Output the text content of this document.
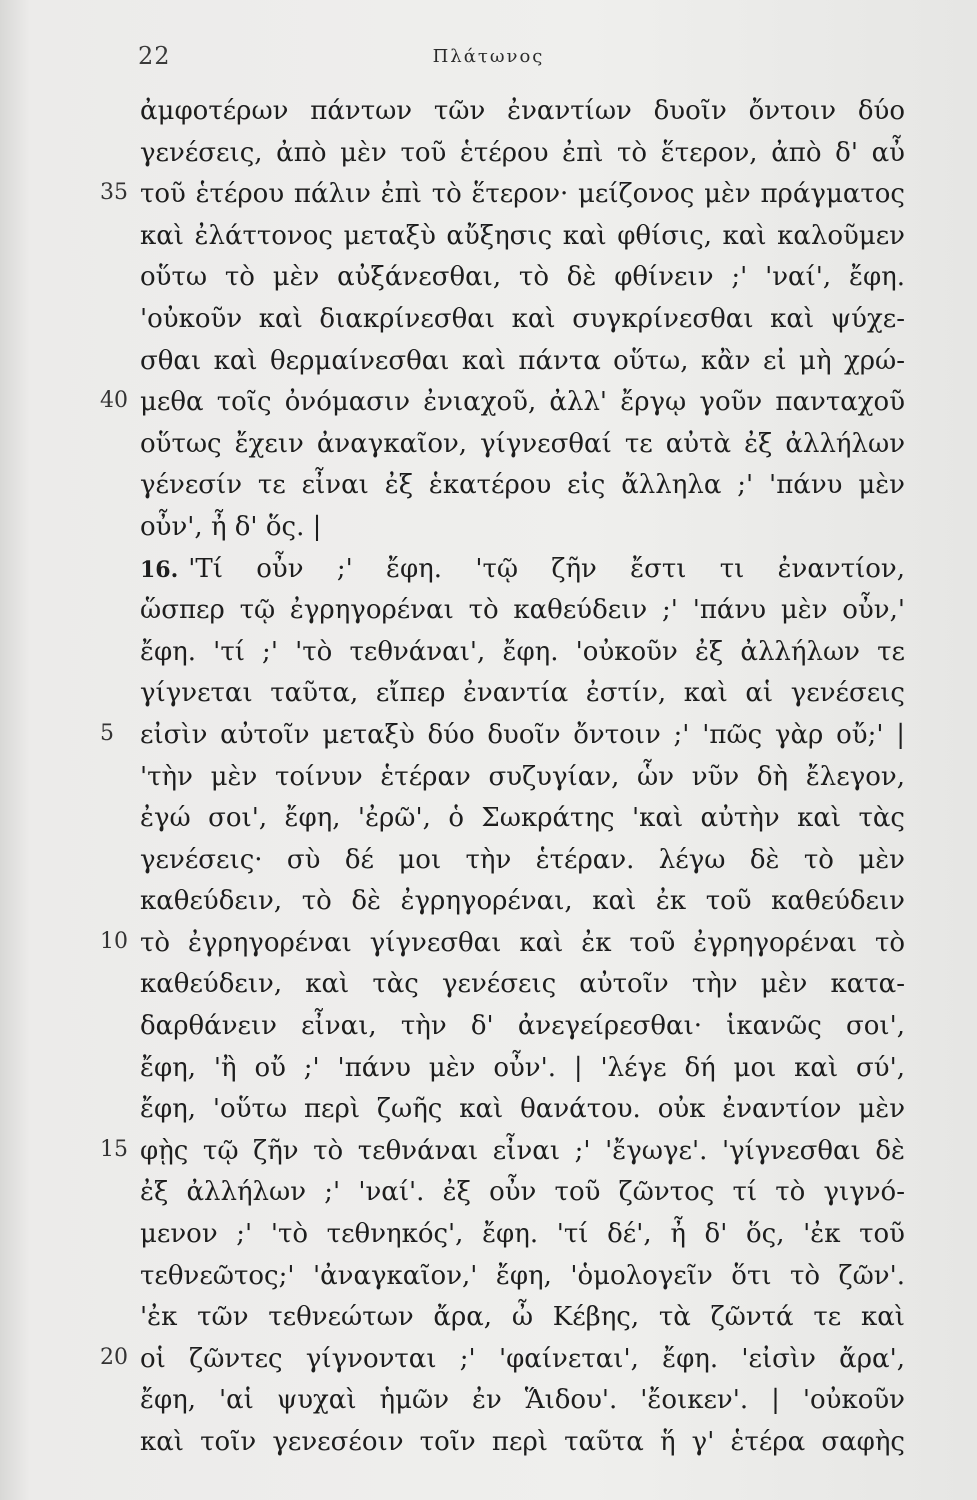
22	Πλάτωνος
ἀμφοτέρων πάντων τῶν ἐναντίων δυοῖν ὄντοιν δύο
γενέσεις, ἀπὸ μὲν τοῦ ἑτέρου ἐπὶ τὸ ἕτερον, ἀπὸ δ' αὖ
35 τοῦ ἑτέρου πάλιν ἐπὶ τὸ ἕτερον· μείζονος μὲν πράγματος
καὶ ἐλάττονος μεταξὺ αὔξησις καὶ φθίσις, καὶ καλοῦμεν
οὕτω τὸ μὲν αὐξάνεσθαι, τὸ δὲ φθίνειν ;' 'ναί', ἔφη.
'οὐκοῦν καὶ διακρίνεσθαι καὶ συγκρίνεσθαι καὶ ψύχε-
σθαι καὶ θερμαίνεσθαι καὶ πάντα οὕτω, κἂν εἰ μὴ χρώ-
40 μεθα τοῖς ὀνόμασιν ἐνιαχοῦ, ἀλλ' ἔργῳ γοῦν πανταχοῦ
οὕτως ἔχειν ἀναγκαῖον, γίγνεσθαί τε αὐτὰ ἐξ ἀλλήλων
γένεσίν τε εἶναι ἐξ ἑκατέρου εἰς ἄλληλα ;' 'πάνυ μὲν
οὖν', ἦ δ' ὅς. |
16. 'Τί οὖν ;' ἔφη. 'τῷ ζῆν ἔστι τι ἐναντίον,
ὥσπερ τῷ ἐγρηγορέναι τὸ καθεύδειν ;' 'πάνυ μὲν οὖν,'
ἔφη. 'τί ;' 'τὸ τεθνάναι', ἔφη. 'οὐκοῦν ἐξ ἀλλήλων τε
γίγνεται ταῦτα, εἴπερ ἐναντία ἐστίν, καὶ αἱ γενέσεις
5	εἰσὶν αὐτοῖν μεταξὺ δύο δυοῖν ὄντοιν ;' 'πῶς γὰρ οὔ;' |
'τὴν μὲν τοίνυν ἑτέραν συζυγίαν, ὧν νῦν δὴ ἔλεγον,
ἐγώ σοι', ἔφη, 'ἐρῶ', ὁ Σωκράτης 'καὶ αὐτὴν καὶ τὰς
γενέσεις· σὺ δέ μοι τὴν ἑτέραν. λέγω δὲ τὸ μὲν
καθεύδειν, τὸ δὲ ἐγρηγορέναι, καὶ ἐκ τοῦ καθεύδειν
10 τὸ ἐγρηγορέναι γίγνεσθαι καὶ ἐκ τοῦ ἐγρηγορέναι τὸ
καθεύδειν, καὶ τὰς γενέσεις αὐτοῖν τὴν μὲν κατα-
δαρθάνειν εἶναι, τὴν δ' ἀνεγείρεσθαι· ἱκανῶς σοι',
ἔφη, 'ἢ οὔ ;' 'πάνυ μὲν οὖν'. | 'λέγε δή μοι καὶ σύ',
ἔφη, 'οὕτω περὶ ζωῆς καὶ θανάτου. οὐκ ἐναντίον μὲν
15 φῂς τῷ ζῆν τὸ τεθνάναι εἶναι ;' 'ἔγωγε'. 'γίγνεσθαι δὲ
ἐξ ἀλλήλων ;' 'ναί'. ἐξ οὖν τοῦ ζῶντος τί τὸ γιγνό-
μενον ;' 'τὸ τεθνηκός', ἔφη. 'τί δέ', ἦ δ' ὅς, 'ἐκ τοῦ
τεθνεῶτος;' 'ἀναγκαῖον,' ἔφη, 'ὁμολογεῖν ὅτι τὸ ζῶν'.
'ἐκ τῶν τεθνεώτων ἄρα, ὦ Κέβης, τὰ ζῶντά τε καὶ
20 οἱ ζῶντες γίγνονται ;' 'φαίνεται', ἔφη. 'εἰσὶν ἄρα',
ἔφη, 'αἱ ψυχαὶ ἡμῶν ἐν Ἅιδου'. 'ἔοικεν'. | 'οὐκοῦν
καὶ τοῖν γενεσέοιν τοῖν περὶ ταῦτα ἥ γ' ἑτέρα σαφὴς
